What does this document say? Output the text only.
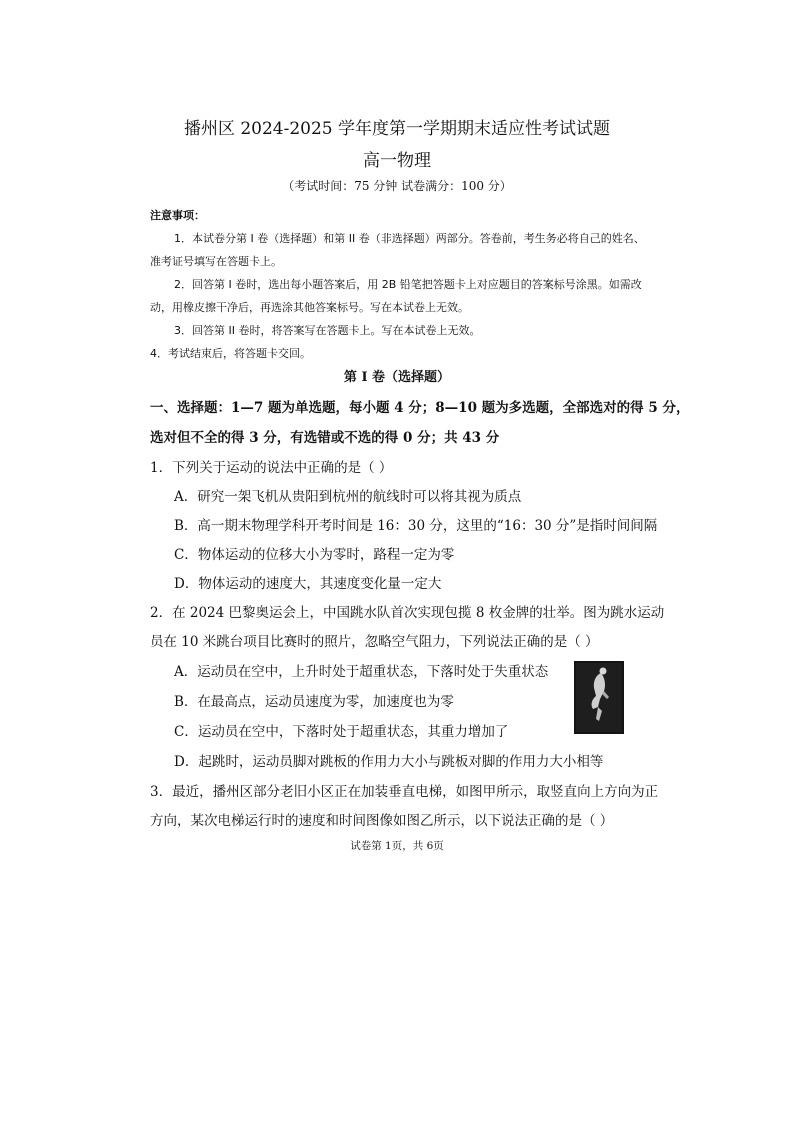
播州区 2024-2025 学年度第一学期期末适应性考试试题
高一物理
（考试时间：75 分钟 试卷满分：100 分）
注意事项：
1．本试卷分第 I 卷（选择题）和第 II 卷（非选择题）两部分。答卷前，考生务必将自己的姓名、
准考证号填写在答题卡上。
2．回答第 I 卷时，选出每小题答案后，用 2B 铅笔把答题卡上对应题目的答案标号涂黑。如需改
动，用橡皮擦干净后，再选涂其他答案标号。写在本试卷上无效。
3．回答第 II 卷时，将答案写在答题卡上。写在本试卷上无效。
4．考试结束后，将答题卡交回。
第 I 卷（选择题）
一、选择题：1—7 题为单选题，每小题 4 分；8—10 题为多选题，全部选对的得 5 分，
选对但不全的得 3 分，有选错或不选的得 0 分；共 43 分
1．下列关于运动的说法中正确的是（ ）
A．研究一架飞机从贵阳到杭州的航线时可以将其视为质点
B．高一期末物理学科开考时间是 16：30 分，这里的“16：30 分”是指时间间隔
C．物体运动的位移大小为零时，路程一定为零
D．物体运动的速度大，其速度变化量一定大
2．在 2024 巴黎奥运会上，中国跳水队首次实现包揽 8 枚金牌的壮举。图为跳水运动
员在 10 米跳台项目比赛时的照片，忽略空气阻力，下列说法正确的是（ ）
A．运动员在空中，上升时处于超重状态，下落时处于失重状态
B．在最高点，运动员速度为零，加速度也为零
C．运动员在空中，下落时处于超重状态，其重力增加了
D．起跳时，运动员脚对跳板的作用力大小与跳板对脚的作用力大小相等
3．最近，播州区部分老旧小区正在加装垂直电梯，如图甲所示，取竖直向上方向为正
方向，某次电梯运行时的速度和时间图像如图乙所示，以下说法正确的是（ ）
试卷第 1页，共 6页
